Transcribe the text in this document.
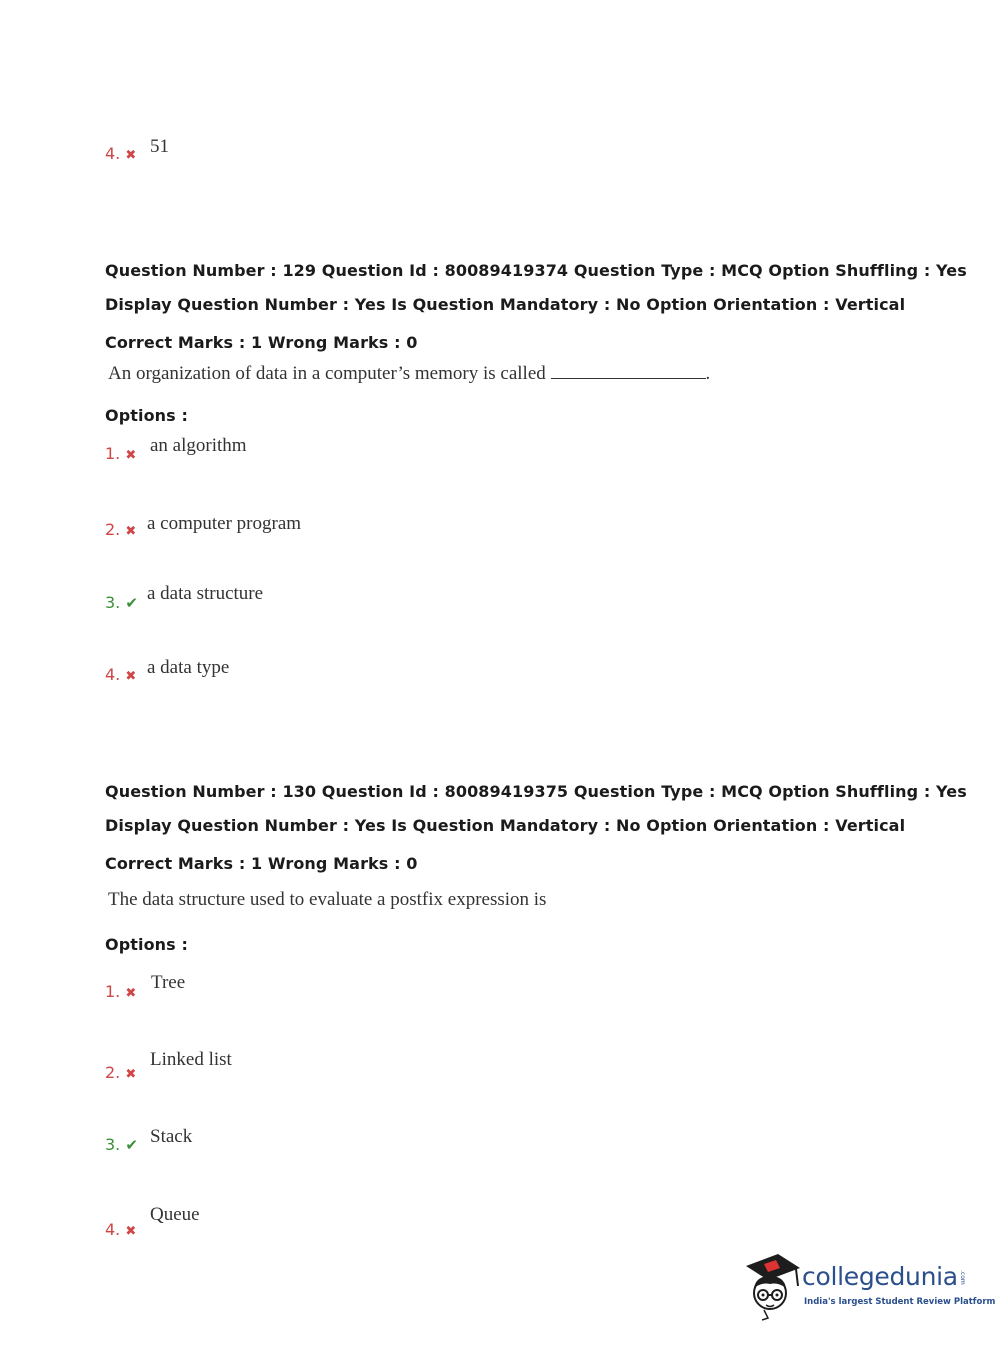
4. ✖ 51
Question Number : 129 Question Id : 80089419374 Question Type : MCQ Option Shuffling : Yes
Display Question Number : Yes Is Question Mandatory : No Option Orientation : Vertical
Correct Marks : 1 Wrong Marks : 0
An organization of data in a computer’s memory is called	.
Options :
1. ✖ an algorithm
2. ✖ a computer program
3. ✔ a data structure
4. ✖ a data type
Question Number : 130 Question Id : 80089419375 Question Type : MCQ Option Shuffling : Yes
Display Question Number : Yes Is Question Mandatory : No Option Orientation : Vertical
Correct Marks : 1 Wrong Marks : 0
The data structure used to evaluate a postfix expression is
Options :
1. ✖
Tree
2. ✖
Linked list
3. ✔ Stack
4. ✖
Queue
collegedunia .com
India's largest Student Review Platform
